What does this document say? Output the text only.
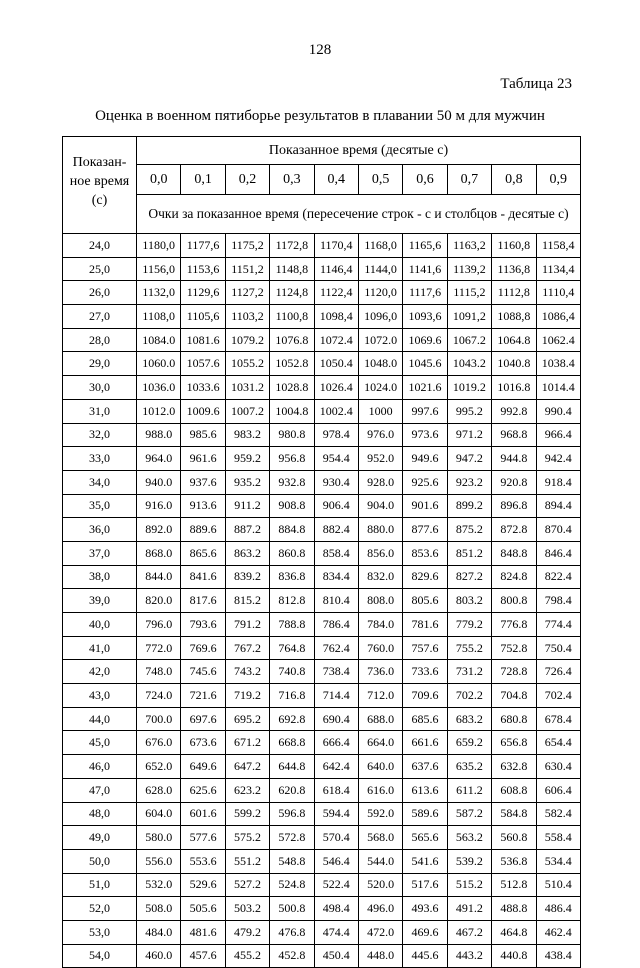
128
Таблица 23
Оценка в военном пятиборье результатов в плавании 50 м для мужчин
Показан-ное время (с)	Показанное время (десятые с)									
	0,0	0,1	0,2	0,3	0,4	0,5	0,6	0,7	0,8	0,9
	Очки за показанное время (пересечение строк - с и столбцов - десятые с)									
24,0	1180,0	1177,6	1175,2	1172,8	1170,4	1168,0	1165,6	1163,2	1160,8	1158,4
25,0	1156,0	1153,6	1151,2	1148,8	1146,4	1144,0	1141,6	1139,2	1136,8	1134,4
26,0	1132,0	1129,6	1127,2	1124,8	1122,4	1120,0	1117,6	1115,2	1112,8	1110,4
27,0	1108,0	1105,6	1103,2	1100,8	1098,4	1096,0	1093,6	1091,2	1088,8	1086,4
28,0	1084.0	1081.6	1079.2	1076.8	1072.4	1072.0	1069.6	1067.2	1064.8	1062.4
29,0	1060.0	1057.6	1055.2	1052.8	1050.4	1048.0	1045.6	1043.2	1040.8	1038.4
30,0	1036.0	1033.6	1031.2	1028.8	1026.4	1024.0	1021.6	1019.2	1016.8	1014.4
31,0	1012.0	1009.6	1007.2	1004.8	1002.4	1000	997.6	995.2	992.8	990.4
32,0	988.0	985.6	983.2	980.8	978.4	976.0	973.6	971.2	968.8	966.4
33,0	964.0	961.6	959.2	956.8	954.4	952.0	949.6	947.2	944.8	942.4
34,0	940.0	937.6	935.2	932.8	930.4	928.0	925.6	923.2	920.8	918.4
35,0	916.0	913.6	911.2	908.8	906.4	904.0	901.6	899.2	896.8	894.4
36,0	892.0	889.6	887.2	884.8	882.4	880.0	877.6	875.2	872.8	870.4
37,0	868.0	865.6	863.2	860.8	858.4	856.0	853.6	851.2	848.8	846.4
38,0	844.0	841.6	839.2	836.8	834.4	832.0	829.6	827.2	824.8	822.4
39,0	820.0	817.6	815.2	812.8	810.4	808.0	805.6	803.2	800.8	798.4
40,0	796.0	793.6	791.2	788.8	786.4	784.0	781.6	779.2	776.8	774.4
41,0	772.0	769.6	767.2	764.8	762.4	760.0	757.6	755.2	752.8	750.4
42,0	748.0	745.6	743.2	740.8	738.4	736.0	733.6	731.2	728.8	726.4
43,0	724.0	721.6	719.2	716.8	714.4	712.0	709.6	702.2	704.8	702.4
44,0	700.0	697.6	695.2	692.8	690.4	688.0	685.6	683.2	680.8	678.4
45,0	676.0	673.6	671.2	668.8	666.4	664.0	661.6	659.2	656.8	654.4
46,0	652.0	649.6	647.2	644.8	642.4	640.0	637.6	635.2	632.8	630.4
47,0	628.0	625.6	623.2	620.8	618.4	616.0	613.6	611.2	608.8	606.4
48,0	604.0	601.6	599.2	596.8	594.4	592.0	589.6	587.2	584.8	582.4
49,0	580.0	577.6	575.2	572.8	570.4	568.0	565.6	563.2	560.8	558.4
50,0	556.0	553.6	551.2	548.8	546.4	544.0	541.6	539.2	536.8	534.4
51,0	532.0	529.6	527.2	524.8	522.4	520.0	517.6	515.2	512.8	510.4
52,0	508.0	505.6	503.2	500.8	498.4	496.0	493.6	491.2	488.8	486.4
53,0	484.0	481.6	479.2	476.8	474.4	472.0	469.6	467.2	464.8	462.4
54,0	460.0	457.6	455.2	452.8	450.4	448.0	445.6	443.2	440.8	438.4
